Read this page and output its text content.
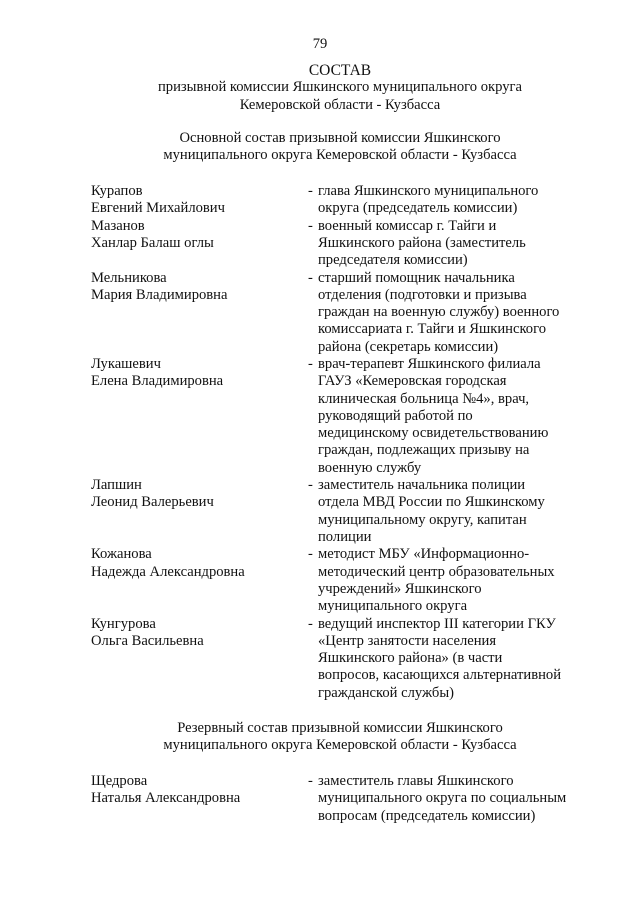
79
СОСТАВ
призывной комиссии Яшкинского муниципального округа
Кемеровской области - Кузбасса
Основной состав призывной комиссии Яшкинского
муниципального округа Кемеровской области - Кузбасса
Курапов
Евгений Михайлович
- глава Яшкинского муниципального
округа (председатель комиссии)
Мазанов
Ханлар Балаш оглы
- военный комиссар г. Тайги и
Яшкинского района (заместитель
председателя комиссии)
Мельникова
Мария Владимировна
- старший помощник начальника
отделения (подготовки и призыва
граждан на военную службу) военного
комиссариата г. Тайги и Яшкинского
района (секретарь комиссии)
Лукашевич
Елена Владимировна
- врач-терапевт Яшкинского филиала
ГАУЗ «Кемеровская городская
клиническая больница №4», врач,
руководящий работой по
медицинскому освидетельствованию
граждан, подлежащих призыву на
военную службу
Лапшин
Леонид Валерьевич
- заместитель начальника полиции
отдела МВД России по Яшкинскому
муниципальному округу, капитан
полиции
Кожанова
Надежда Александровна
- методист МБУ «Информационно-
методический центр образовательных
учреждений» Яшкинского
муниципального округа
Кунгурова
Ольга Васильевна
- ведущий инспектор III категории ГКУ
«Центр занятости населения
Яшкинского района» (в части
вопросов, касающихся альтернативной
гражданской службы)
Резервный состав призывной комиссии Яшкинского
муниципального округа Кемеровской области - Кузбасса
Щедрова
Наталья Александровна
- заместитель главы Яшкинского
муниципального округа по социальным
вопросам (председатель комиссии)
